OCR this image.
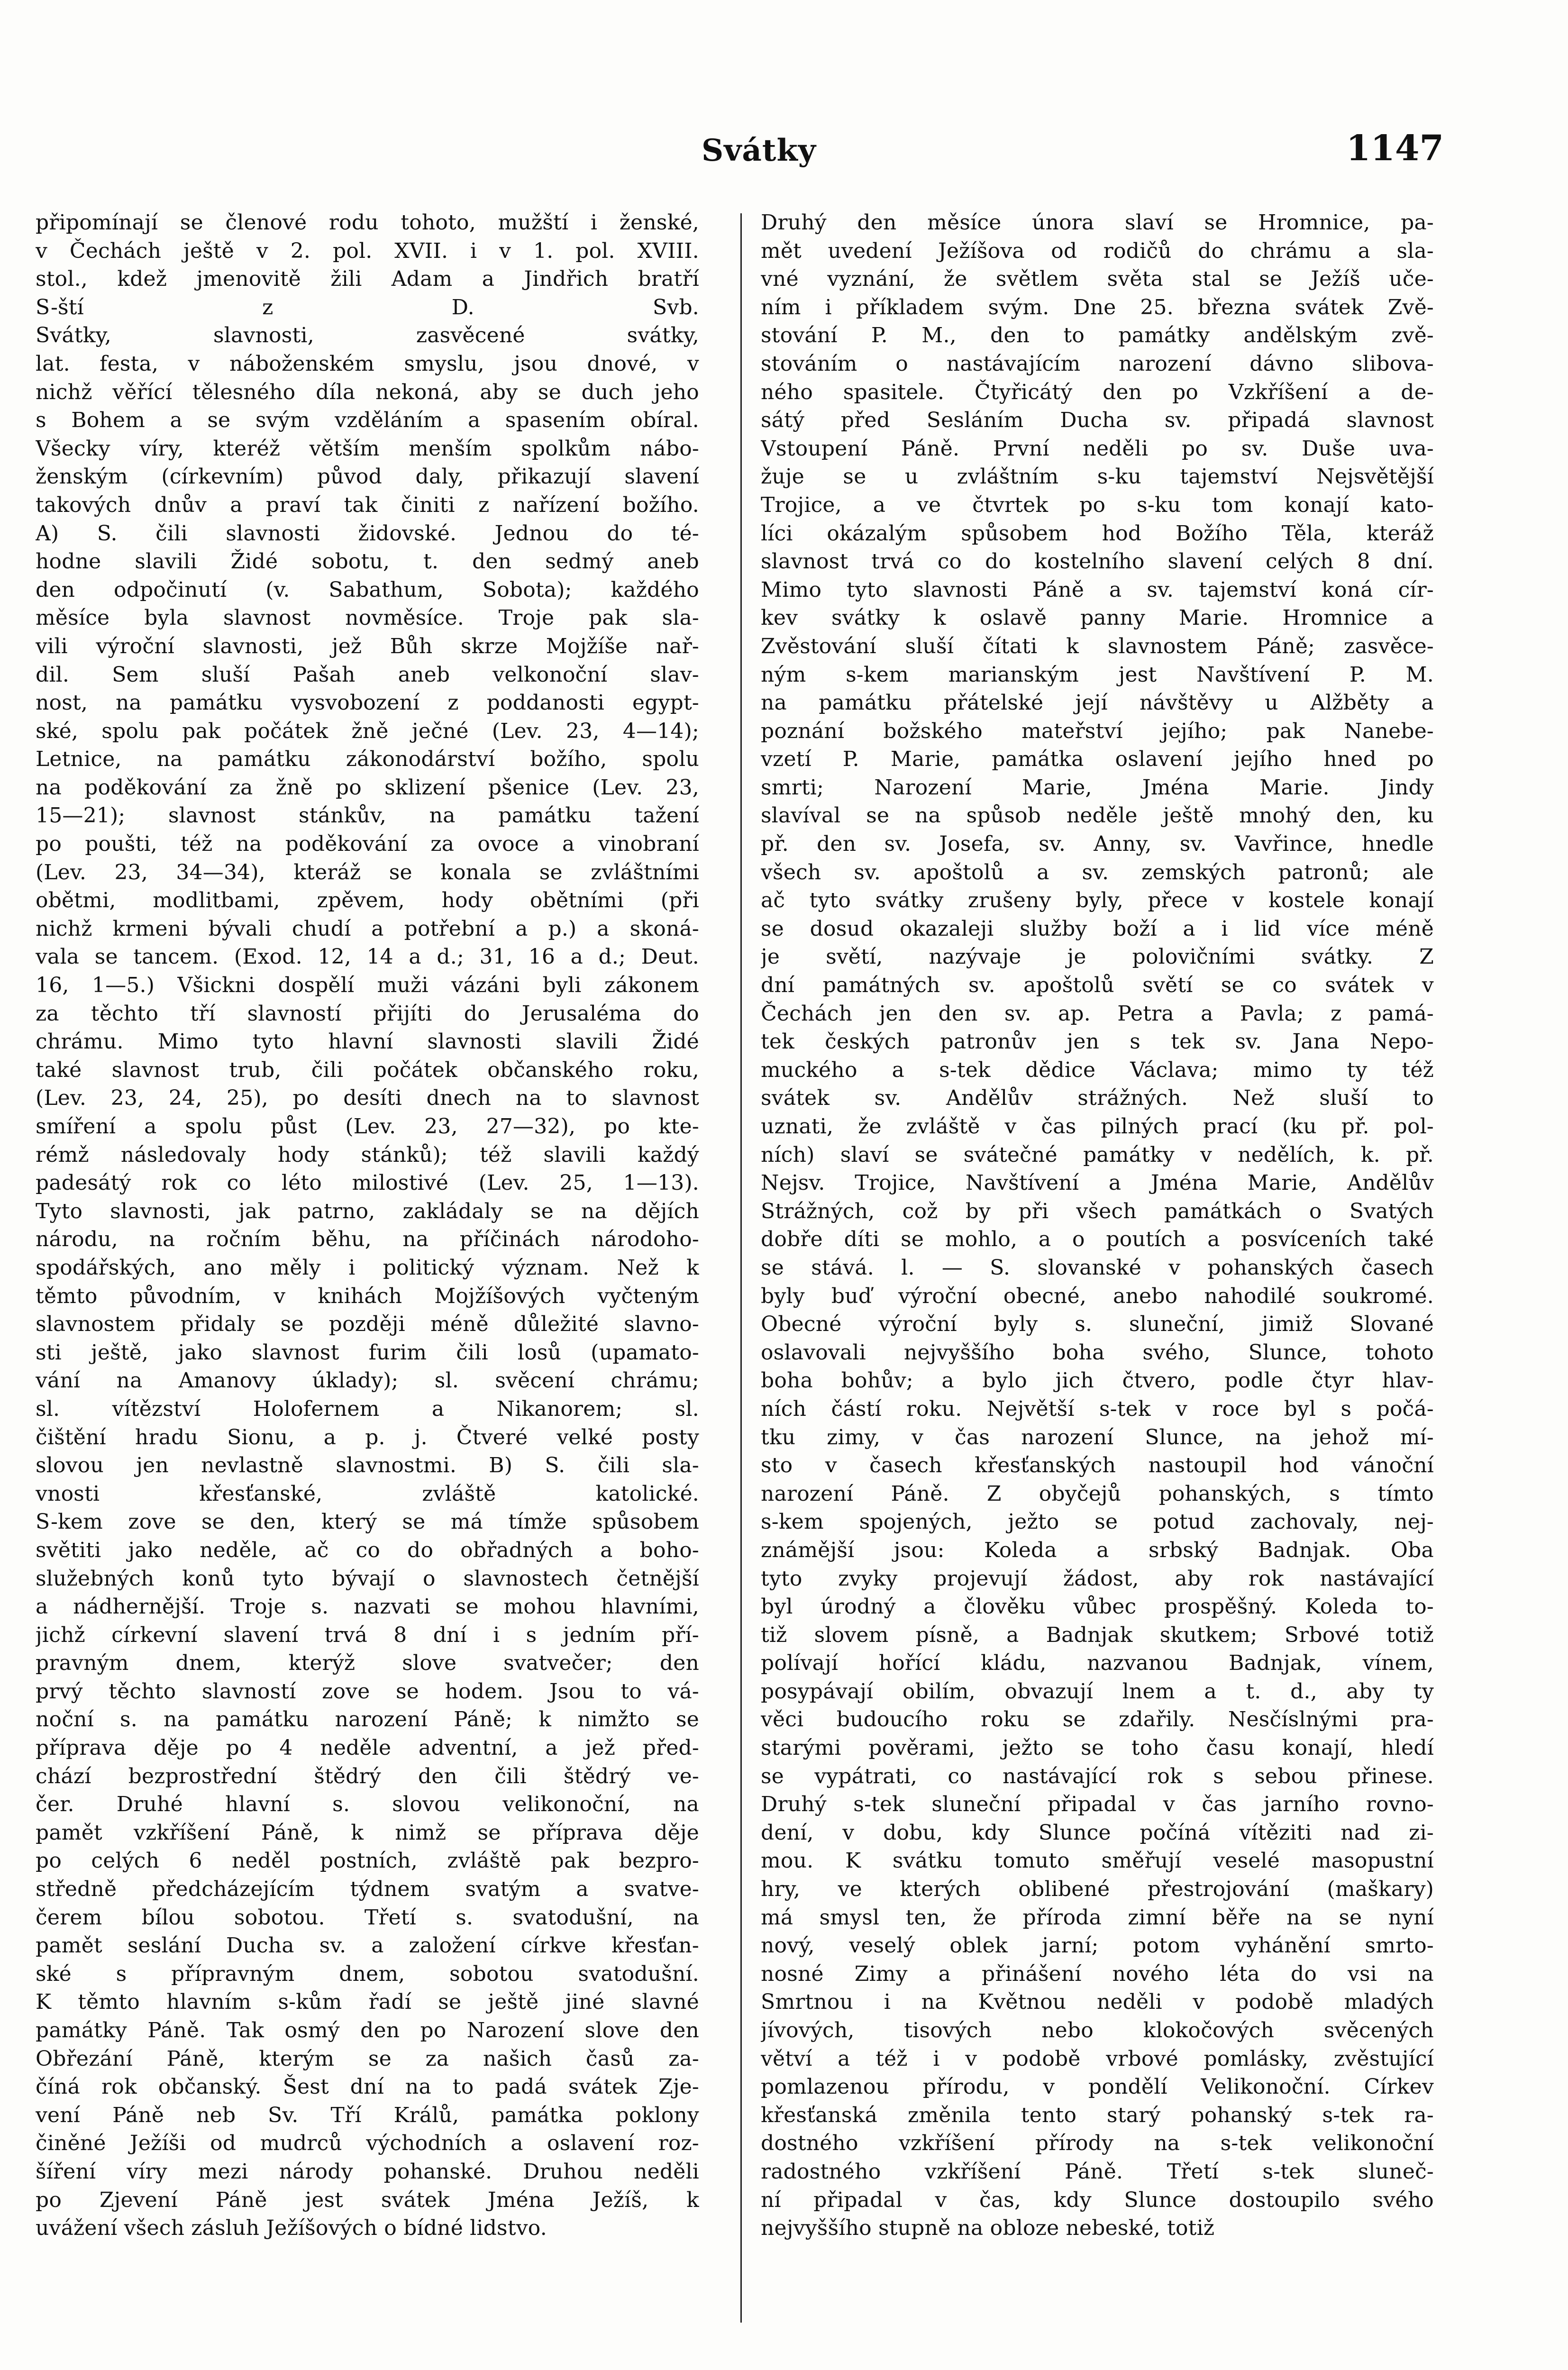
Svátky	1147
připomínají se členové rodu tohoto, mužští i ženské,
v Čechách ještě v 2. pol. XVII. i v 1. pol. XVIII.
stol., kdež jmenovitě žili Adam a Jindřich bratří
S-ští z D. Svb.
Svátky, slavnosti, zasvěcené svátky,
lat. festa, v náboženském smyslu, jsou dnové, v
nichž věřící tělesného díla nekoná, aby se duch jeho
s Bohem a se svým vzděláním a spasením obíral.
Všecky víry, kteréž větším menším spolkům nábo-
ženským (církevním) původ daly, přikazují slavení
takových dnův a praví tak činiti z nařízení božího.
A) S. čili slavnosti židovské. Jednou do té-
hodne slavili Židé sobotu, t. den sedmý aneb
den odpočinutí (v. Sabathum, Sobota); každého
měsíce byla slavnost novměsíce. Troje pak sla-
vili výroční slavnosti, jež Bůh skrze Mojžíše nař-
dil. Sem sluší Pašah aneb velkonoční slav-
nost, na památku vysvobození z poddanosti egypt-
ské, spolu pak počátek žně ječné (Lev. 23, 4—14);
Letnice, na památku zákonodárství božího, spolu
na poděkování za žně po sklizení pšenice (Lev. 23,
15—21); slavnost stánkův, na památku tažení
po poušti, též na poděkování za ovoce a vinobraní
(Lev. 23, 34—34), kteráž se konala se zvláštními
obětmi, modlitbami, zpěvem, hody obětními (při
nichž krmeni bývali chudí a potřební a p.) a skoná-
vala se tancem. (Exod. 12, 14 a d.; 31, 16 a d.; Deut.
16, 1—5.) Všickni dospělí muži vázáni byli zákonem
za těchto tří slavností přijíti do Jerusaléma do
chrámu. Mimo tyto hlavní slavnosti slavili Židé
také slavnost trub, čili počátek občanského roku,
(Lev. 23, 24, 25), po desíti dnech na to slavnost
smíření a spolu půst (Lev. 23, 27—32), po kte-
rémž následovaly hody stánků); též slavili každý
padesátý rok co léto milostivé (Lev. 25, 1—13).
Tyto slavnosti, jak patrno, zakládaly se na dějích
národu, na ročním běhu, na příčinách národoho-
spodářských, ano měly i politický význam. Než k
těmto původním, v knihách Mojžíšových vyčteným
slavnostem přidaly se později méně důležité slavno-
sti ještě, jako slavnost furim čili losů (upamato-
vání na Amanovy úklady); sl. svěcení chrámu;
sl. vítězství Holofernem a Nikanorem; sl.
čištění hradu Sionu, a p. j. Čtveré velké posty
slovou jen nevlastně slavnostmi. B) S. čili sla-
vnosti křesťanské, zvláště katolické.
S-kem zove se den, který se má tímže spůsobem
světiti jako neděle, ač co do obřadných a boho-
služebných konů tyto bývají o slavnostech četnější
a nádhernější. Troje s. nazvati se mohou hlavními,
jichž církevní slavení trvá 8 dní i s jedním pří-
pravným dnem, kterýž slove svatvečer; den
prvý těchto slavností zove se hodem. Jsou to vá-
noční s. na památku narození Páně; k nimžto se
příprava děje po 4 neděle adventní, a jež před-
chází bezprostřední štědrý den čili štědrý ve-
čer. Druhé hlavní s. slovou velikonoční, na
pamět vzkříšení Páně, k nimž se příprava děje
po celých 6 neděl postních, zvláště pak bezpro-
středně předcházejícím týdnem svatým a svatve-
čerem bílou sobotou. Třetí s. svatodušní, na
pamět seslání Ducha sv. a založení církve křesťan-
ské s přípravným dnem, sobotou svatodušní.
K těmto hlavním s-kům řadí se ještě jiné slavné
památky Páně. Tak osmý den po Narození slove den
Obřezání Páně, kterým se za našich časů za-
číná rok občanský. Šest dní na to padá svátek Zje-
vení Páně neb Sv. Tří Králů, památka poklony
činěné Ježíši od mudrců východních a oslavení roz-
šíření víry mezi národy pohanské. Druhou neděli
po Zjevení Páně jest svátek Jména Ježíš, k
uvážení všech zásluh Ježíšových o bídné lidstvo.
Druhý den měsíce února slaví se Hromnice, pa-
mět uvedení Ježíšova od rodičů do chrámu a sla-
vné vyznání, že světlem světa stal se Ježíš uče-
ním i příkladem svým. Dne 25. března svátek Zvě-
stování P. M., den to památky andělským zvě-
stováním o nastávajícím narození dávno slibova-
ného spasitele. Čtyřicátý den po Vzkříšení a de-
sátý před Sesláním Ducha sv. připadá slavnost
Vstoupení Páně. První neděli po sv. Duše uva-
žuje se u zvláštním s-ku tajemství Nejsvětější
Trojice, a ve čtvrtek po s-ku tom konají kato-
líci okázalým spůsobem hod Božího Těla, kteráž
slavnost trvá co do kostelního slavení celých 8 dní.
Mimo tyto slavnosti Páně a sv. tajemství koná cír-
kev svátky k oslavě panny Marie. Hromnice a
Zvěstování sluší čítati k slavnostem Páně; zasvěce-
ným s-kem marianským jest Navštívení P. M.
na památku přátelské její návštěvy u Alžběty a
poznání božského mateřství jejího; pak Nanebe-
vzetí P. Marie, památka oslavení jejího hned po
smrti; Narození Marie, Jména Marie. Jindy
slavíval se na spůsob neděle ještě mnohý den, ku
př. den sv. Josefa, sv. Anny, sv. Vavřince, hnedle
všech sv. apoštolů a sv. zemských patronů; ale
ač tyto svátky zrušeny byly, přece v kostele konají
se dosud okazaleji služby boží a i lid více méně
je světí, nazývaje je polovičními svátky. Z
dní památných sv. apoštolů světí se co svátek v
Čechách jen den sv. ap. Petra a Pavla; z pamá-
tek českých patronův jen s tek sv. Jana Nepo-
muckého a s-tek dědice Václava; mimo ty též
svátek sv. Andělův strážných. Než sluší to
uznati, že zvláště v čas pilných prací (ku př. pol-
ních) slaví se svátečné památky v nedělích, k. př.
Nejsv. Trojice, Navštívení a Jména Marie, Andělův
Strážných, což by při všech památkách o Svatých
dobře díti se mohlo, a o poutích a posvíceních také
se stává. l. — S. slovanské v pohanských časech
byly buď výroční obecné, anebo nahodilé soukromé.
Obecné výroční byly s. sluneční, jimiž Slované
oslavovali nejvyššího boha svého, Slunce, tohoto
boha bohův; a bylo jich čtvero, podle čtyr hlav-
ních částí roku. Největší s-tek v roce byl s počá-
tku zimy, v čas narození Slunce, na jehož mí-
sto v časech křesťanských nastoupil hod vánoční
narození Páně. Z obyčejů pohanských, s tímto
s-kem spojených, ježto se potud zachovaly, nej-
známější jsou: Koleda a srbský Badnjak. Oba
tyto zvyky projevují žádost, aby rok nastávající
byl úrodný a člověku vůbec prospěšný. Koleda to-
tiž slovem písně, a Badnjak skutkem; Srbové totiž
polívají hořící kládu, nazvanou Badnjak, vínem,
posypávají obilím, obvazují lnem a t. d., aby ty
věci budoucího roku se zdařily. Nesčíslnými pra-
starými pověrami, ježto se toho času konají, hledí
se vypátrati, co nastávající rok s sebou přinese.
Druhý s-tek sluneční připadal v čas jarního rovno-
dení, v dobu, kdy Slunce počíná vítěziti nad zi-
mou. K svátku tomuto směřují veselé masopustní
hry, ve kterých oblibené přestrojování (maškary)
má smysl ten, že příroda zimní běře na se nyní
nový, veselý oblek jarní; potom vyhánění smrto-
nosné Zimy a přinášení nového léta do vsi na
Smrtnou i na Květnou neděli v podobě mladých
jívových, tisových nebo klokočových svěcených
větví a též i v podobě vrbové pomlásky, zvěstující
pomlazenou přírodu, v pondělí Velikonoční. Církev
křesťanská změnila tento starý pohanský s-tek ra-
dostného vzkříšení přírody na s-tek velikonoční
radostného vzkříšení Páně. Třetí s-tek sluneč-
ní připadal v čas, kdy Slunce dostoupilo svého
nejvyššího stupně na obloze nebeské, totiž
